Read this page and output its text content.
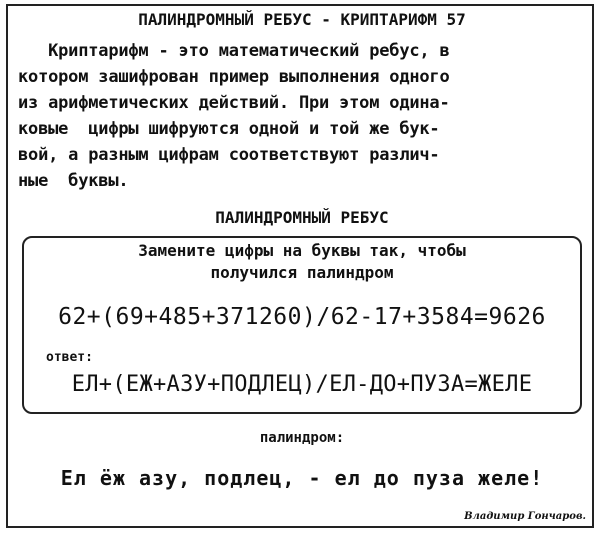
ПАЛИНДРОМНЫЙ РЕБУС - КРИПТАРИФМ 57
Криптарифм - это математический ребус, в
котором зашифрован пример выполнения одного
из арифметических действий. При этом одина-
ковые  цифры шифруются одной и той же бук-
вой, а разным цифрам соответствуют различ-
ные  буквы.
ПАЛИНДРОМНЫЙ РЕБУС
Замените цифры на буквы так, чтобы
получился палиндром
62+(69+485+371260)/62-17+3584=9626
ответ:
ЕЛ+(ЕЖ+АЗУ+ПОДЛЕЦ)/ЕЛ-ДО+ПУЗА=ЖЕЛЕ
палиндром:
Ел ёж азу, подлец, - ел до пуза желе!
Владимир Гончаров.
